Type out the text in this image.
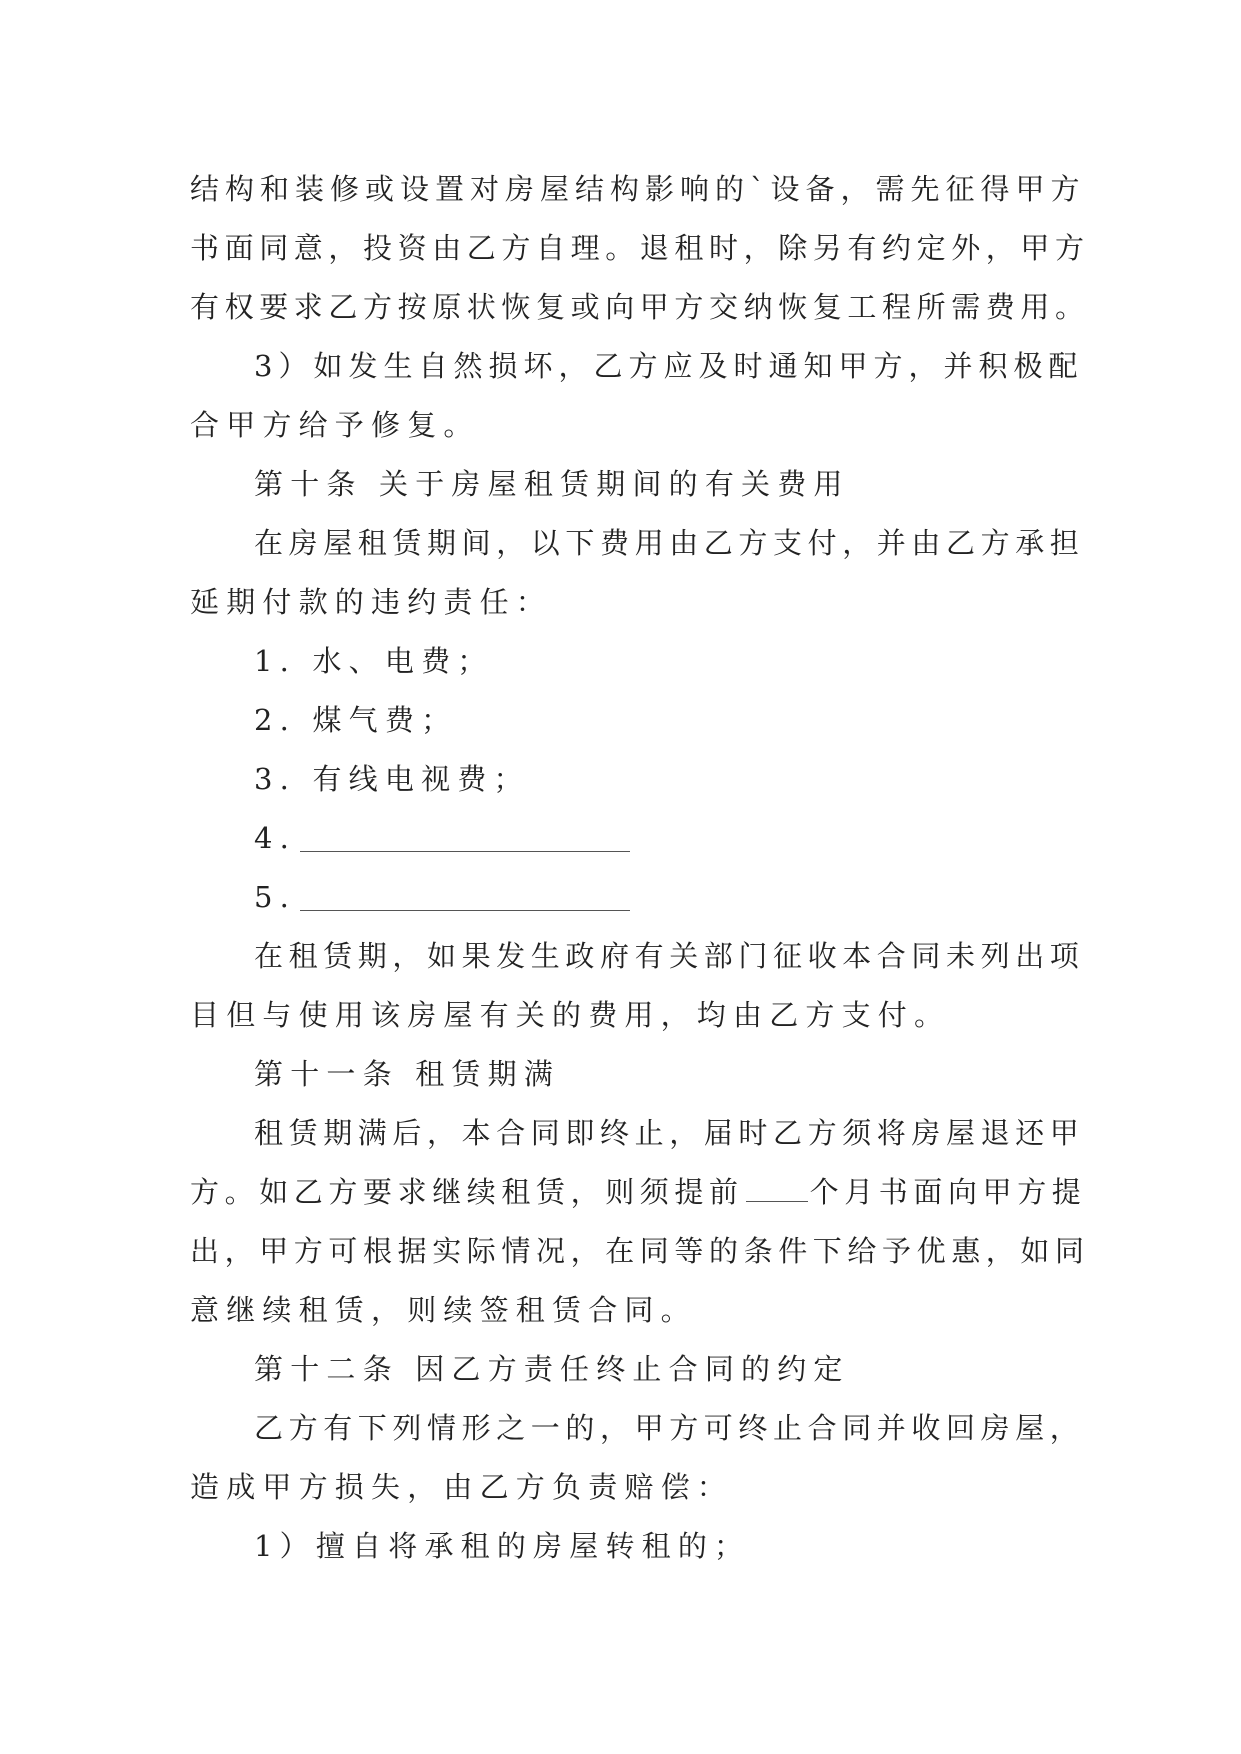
结构和装修或设置对房屋结构影响的`设备，需先征得甲方
书面同意，投资由乙方自理。退租时，除另有约定外，甲方
有权要求乙方按原状恢复或向甲方交纳恢复工程所需费用。
3）如发生自然损坏，乙方应及时通知甲方，并积极配
合甲方给予修复。
第十条 关于房屋租赁期间的有关费用
在房屋租赁期间，以下费用由乙方支付，并由乙方承担
延期付款的违约责任：
1. 水、电费；
2. 煤气费；
3. 有线电视费；
4.
5.
在租赁期，如果发生政府有关部门征收本合同未列出项
目但与使用该房屋有关的费用，均由乙方支付。
第十一条 租赁期满
租赁期满后，本合同即终止，届时乙方须将房屋退还甲
方。如乙方要求继续租赁，则须提前 个月书面向甲方提
出，甲方可根据实际情况，在同等的条件下给予优惠，如同
意继续租赁，则续签租赁合同。
第十二条 因乙方责任终止合同的约定
乙方有下列情形之一的，甲方可终止合同并收回房屋，
造成甲方损失，由乙方负责赔偿：
1）擅自将承租的房屋转租的；
